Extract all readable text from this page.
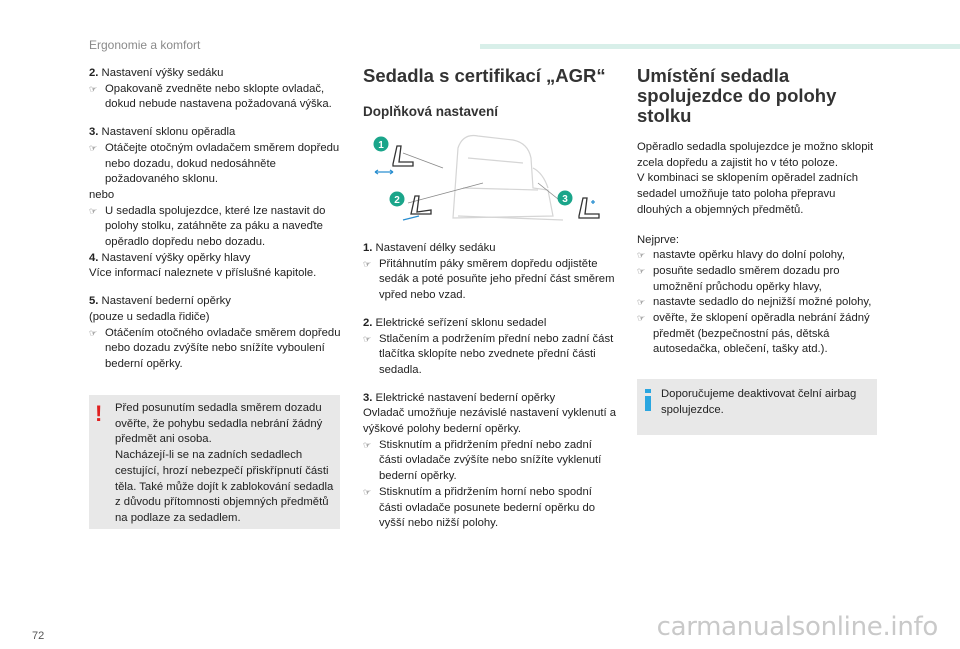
Ergonomie a komfort

2. Nastavení výšky sedáku

☞ Opakovaně zvedněte nebo sklopte ovladač, dokud nebude nastavena požadovaná výška.

3. Nastavení sklonu opěradla

☞ Otáčejte otočným ovladačem směrem dopředu nebo dozadu, dokud nedosáhněte požadovaného sklonu.

nebo

☞ U sedadla spolujezdce, které lze nastavit do polohy stolku, zatáhněte za páku a naveďte opěradlo dopředu nebo dozadu.

4. Nastavení výšky opěrky hlavy

Více informací naleznete v příslušné kapitole.

5. Nastavení bederní opěrky

(pouze u sedadla řidiče)

☞ Otáčením otočného ovladače směrem dopředu nebo dozadu zvýšíte nebo snížíte vyboulení bederní opěrky.

! Před posunutím sedadla směrem dozadu ověřte, že pohybu sedadla nebrání žádný předmět ani osoba.

Nacházejí-li se na zadních sedadlech cestující, hrozí nebezpečí přiskřípnutí části těla. Také může dojít k zablokování sedadla z důvodu přítomnosti objemných předmětů na podlaze za sedadlem.

Sedadla s certifikací „AGR“
Doplňková nastavení
1
2	3

1. Nastavení délky sedáku

☞ Přitáhnutím páky směrem dopředu odjistěte sedák a poté posuňte jeho přední část směrem vpřed nebo vzad.

2. Elektrické seřízení sklonu sedadel

☞ Stlačením a podržením přední nebo zadní část tlačítka sklopíte nebo zvednete přední části sedadla.

3. Elektrické nastavení bederní opěrky

Ovladač umožňuje nezávislé nastavení vyklenutí a výškové polohy bederní opěrky.

☞ Stisknutím a přidržením přední nebo zadní části ovladače zvýšíte nebo snížíte vyklenutí bederní opěrky.

☞ Stisknutím a přidržením horní nebo spodní části ovladače posunete bederní opěrku do vyšší nebo nižší polohy.

Umístění sedadla spolujezdce do polohy stolku

Opěradlo sedadla spolujezdce je možno sklopit zcela dopředu a zajistit ho v této poloze.

V kombinaci se sklopením opěradel zadních sedadel umožňuje tato poloha přepravu dlouhých a objemných předmětů.

Nejprve:

☞ nastavte opěrku hlavy do dolní polohy,

☞ posuňte sedadlo směrem dozadu pro umožnění průchodu opěrky hlavy,

☞ nastavte sedadlo do nejnižší možné polohy,

☞ ověřte, že sklopení opěradla nebrání žádný předmět (bezpečnostní pás, dětská autosedačka, oblečení, tašky atd.).

Doporučujeme deaktivovat čelní airbag spolujezdce.
72	carmanualsonline.info
